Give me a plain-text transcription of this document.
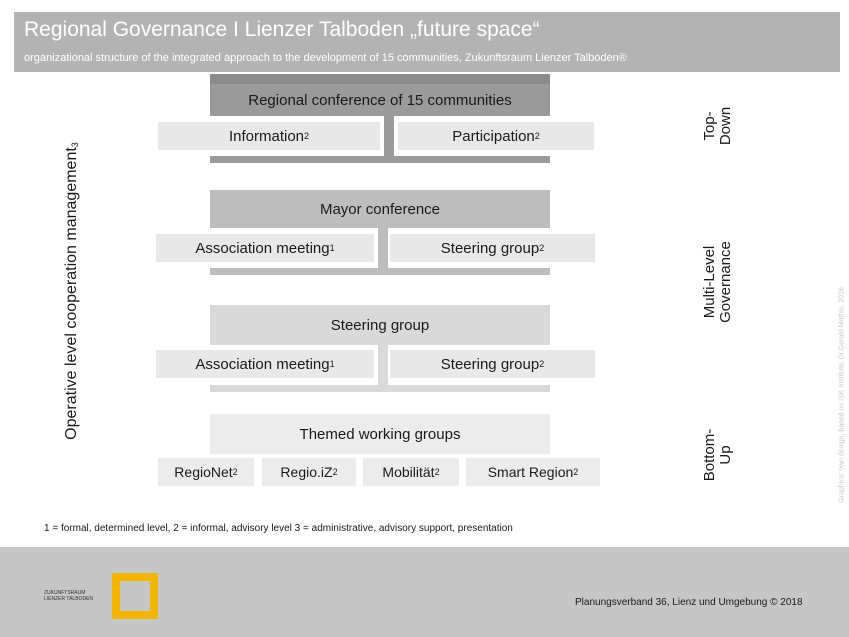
Regional Governance I Lienzer Talboden „future space“
organizational structure of the integrated approach to the development of 15 communities, Zukunftsraum Lienzer Talboden®
Operative level cooperation management$_3$
Top- Down
Multi-Level Governance
Bottom- Up
Regional conference of 15 communities
Information 2	Participation 2
Mayor conference
Association meeting 1	Steering group 2
Steering group
Association meeting 1	Steering group 2
Themed working groups
RegioNet 2	Regio.iZ 2	Mobilität 2	Smart Region 2
1 = formal, determined level, 2 = informal, advisory level 3 = administrative, advisory support, presentation
Graphics: own design, based on ISK Institute, Dr.Gerald Mathis, 2016
ZUKUNFTSRAUM
LIENZER TALBODEN	Planungsverband 36, Lienz und Umgebung © 2018
